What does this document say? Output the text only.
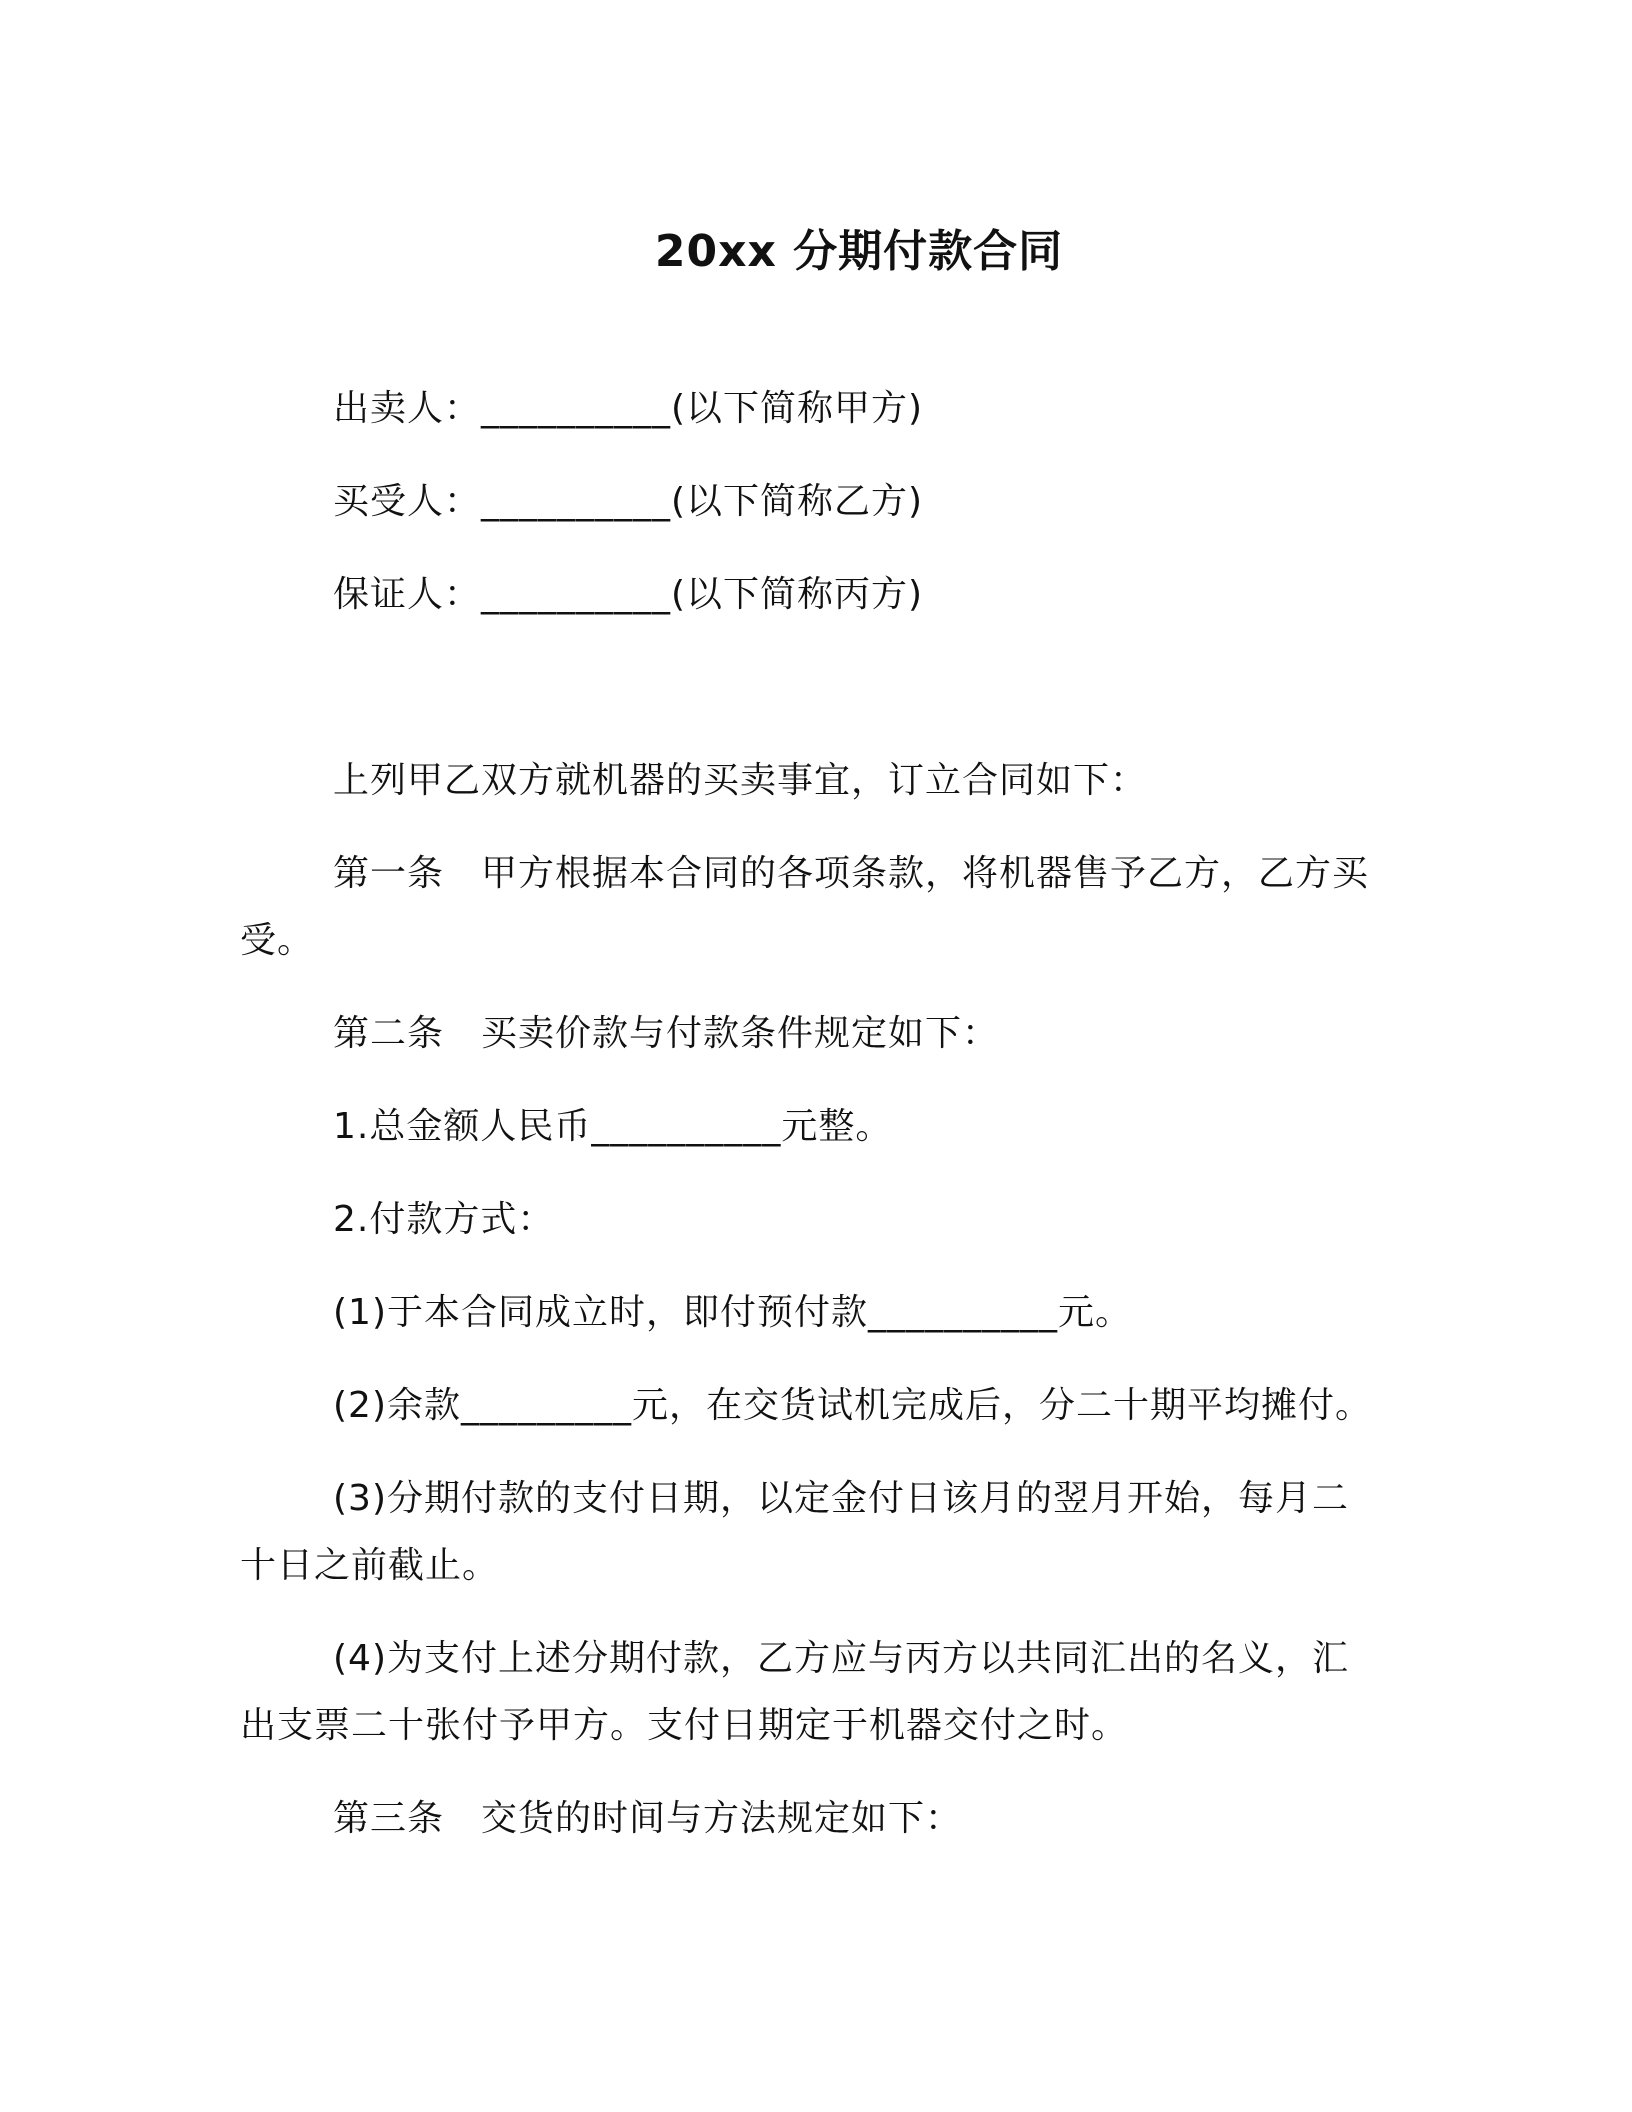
20xx 分期付款合同
出卖人：__________(以下简称甲方)
买受人：__________(以下简称乙方)
保证人：__________(以下简称丙方)
上列甲乙双方就机器的买卖事宜，订立合同如下：
第一条　甲方根据本合同的各项条款，将机器售予乙方，乙方买
受。
第二条　买卖价款与付款条件规定如下：
1.总金额人民币__________元整。
2.付款方式：
(1)于本合同成立时，即付预付款__________元。
(2)余款_________元，在交货试机完成后，分二十期平均摊付。
(3)分期付款的支付日期，以定金付日该月的翌月开始，每月二
十日之前截止。
(4)为支付上述分期付款，乙方应与丙方以共同汇出的名义，汇
出支票二十张付予甲方。支付日期定于机器交付之时。
第三条　交货的时间与方法规定如下：
